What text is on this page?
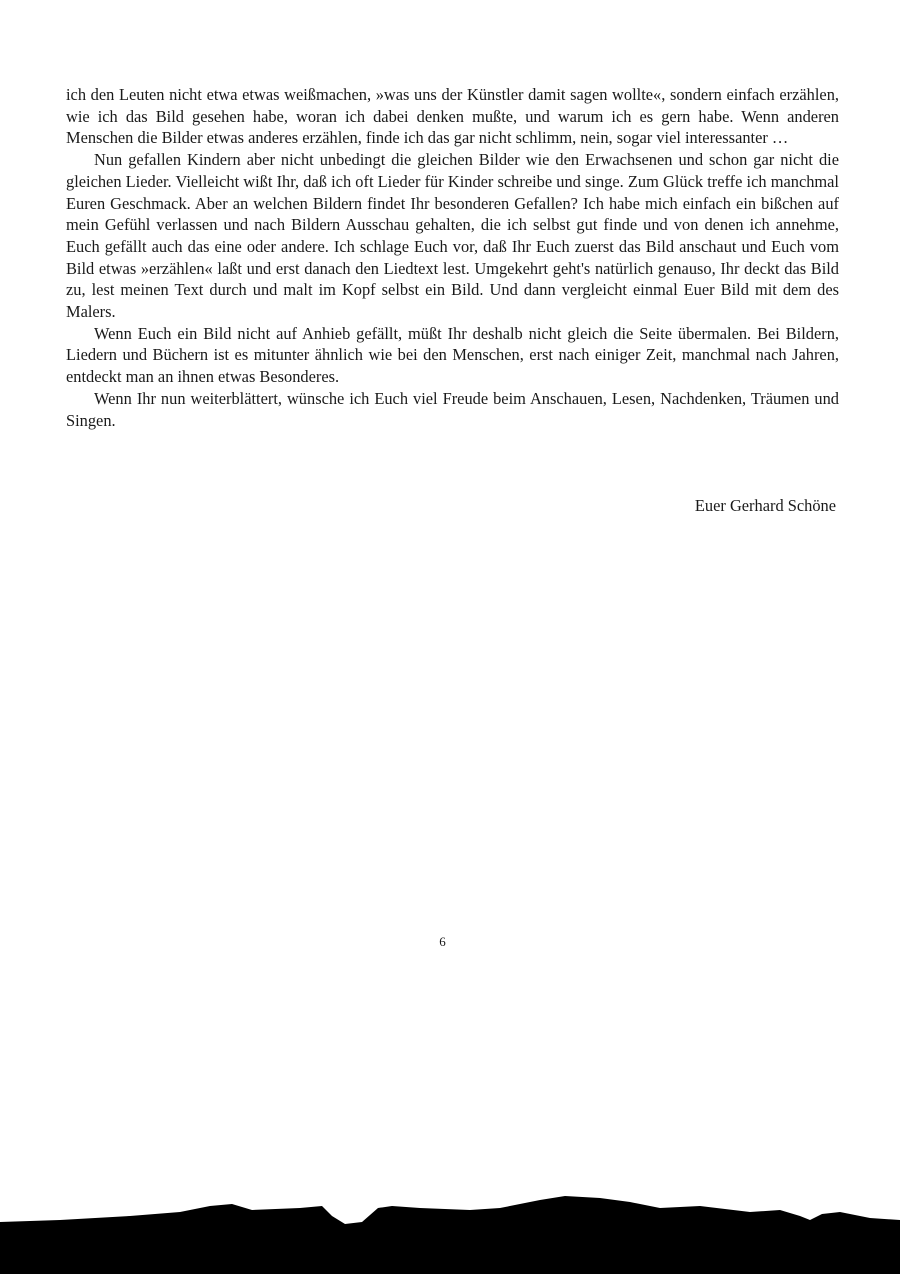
ich den Leuten nicht etwa etwas weißmachen, »was uns der Künstler damit sagen wollte«, sondern einfach erzählen, wie ich das Bild gesehen habe, woran ich dabei denken mußte, und warum ich es gern habe. Wenn anderen Menschen die Bilder etwas anderes erzählen, finde ich das gar nicht schlimm, nein, sogar viel interessanter …

Nun gefallen Kindern aber nicht unbedingt die gleichen Bilder wie den Erwachsenen und schon gar nicht die gleichen Lieder. Vielleicht wißt Ihr, daß ich oft Lieder für Kinder schreibe und singe. Zum Glück treffe ich manchmal Euren Geschmack. Aber an welchen Bildern findet Ihr besonderen Gefallen? Ich habe mich einfach ein bißchen auf mein Gefühl verlassen und nach Bildern Ausschau gehalten, die ich selbst gut finde und von denen ich annehme, Euch gefällt auch das eine oder andere. Ich schlage Euch vor, daß Ihr Euch zuerst das Bild anschaut und Euch vom Bild etwas »erzählen« laßt und erst danach den Liedtext lest. Umgekehrt geht's natürlich genauso, Ihr deckt das Bild zu, lest meinen Text durch und malt im Kopf selbst ein Bild. Und dann vergleicht einmal Euer Bild mit dem des Malers.

Wenn Euch ein Bild nicht auf Anhieb gefällt, müßt Ihr deshalb nicht gleich die Seite übermalen. Bei Bildern, Liedern und Büchern ist es mitunter ähnlich wie bei den Menschen, erst nach einiger Zeit, manchmal nach Jahren, entdeckt man an ihnen etwas Besonderes.

Wenn Ihr nun weiterblättert, wünsche ich Euch viel Freude beim Anschauen, Lesen, Nachdenken, Träumen und Singen.

Euer Gerhard Schöne
6
